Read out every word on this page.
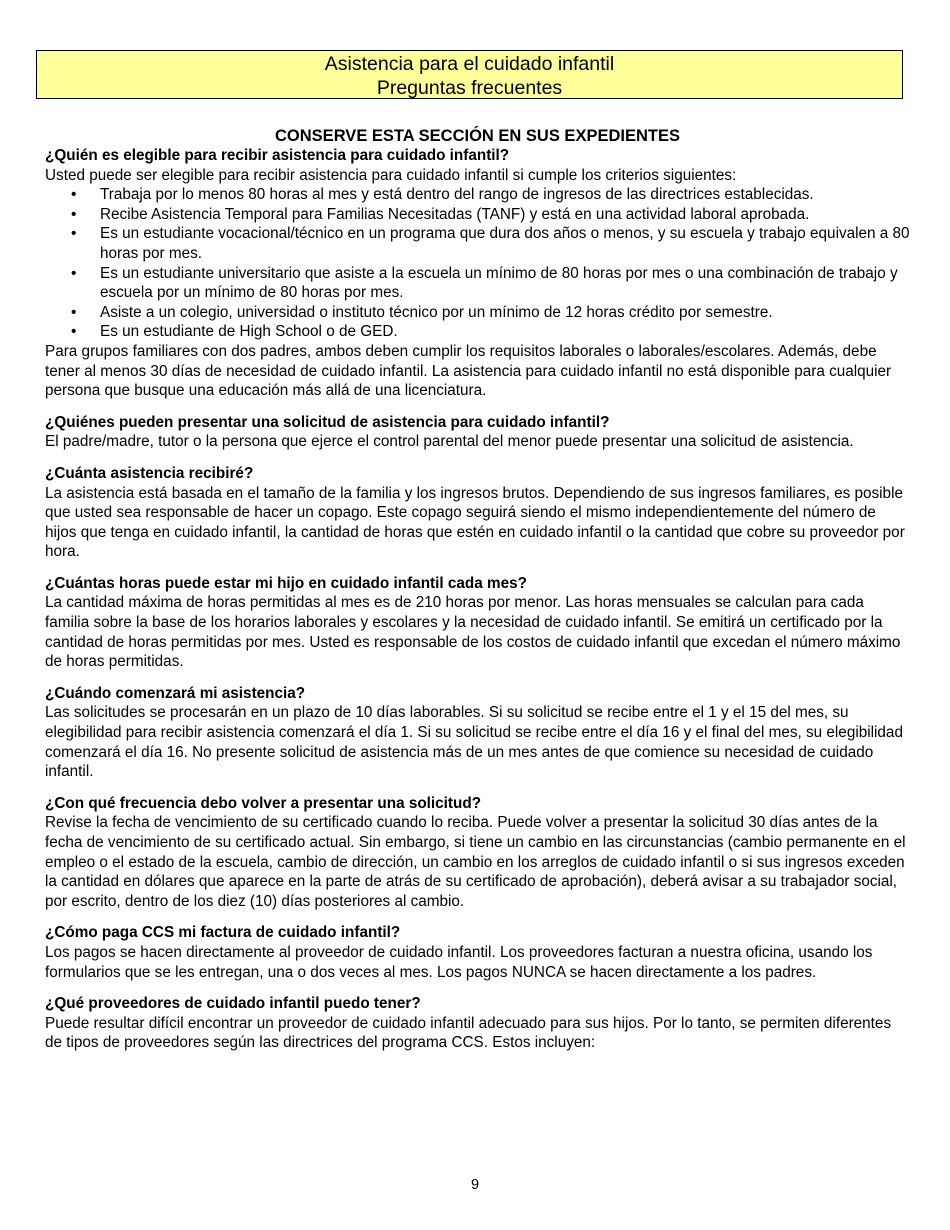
Asistencia para el cuidado infantil
Preguntas frecuentes
CONSERVE ESTA SECCIÓN EN SUS EXPEDIENTES

¿Quién es elegible para recibir asistencia para cuidado infantil?

Usted puede ser elegible para recibir asistencia para cuidado infantil si cumple los criterios siguientes:

• Trabaja por lo menos 80 horas al mes y está dentro del rango de ingresos de las directrices establecidas.
• Recibe Asistencia Temporal para Familias Necesitadas (TANF) y está en una actividad laboral aprobada.
• Es un estudiante vocacional/técnico en un programa que dura dos años o menos, y su escuela y trabajo equivalen a 80 horas por mes.
• Es un estudiante universitario que asiste a la escuela un mínimo de 80 horas por mes o una combinación de trabajo y escuela por un mínimo de 80 horas por mes.
• Asiste a un colegio, universidad o instituto técnico por un mínimo de 12 horas crédito por semestre.
• Es un estudiante de High School o de GED.

Para grupos familiares con dos padres, ambos deben cumplir los requisitos laborales o laborales/escolares. Además, debe tener al menos 30 días de necesidad de cuidado infantil. La asistencia para cuidado infantil no está disponible para cualquier persona que busque una educación más allá de una licenciatura.

¿Quiénes pueden presentar una solicitud de asistencia para cuidado infantil?

El padre/madre, tutor o la persona que ejerce el control parental del menor puede presentar una solicitud de asistencia.

¿Cuánta asistencia recibiré?

La asistencia está basada en el tamaño de la familia y los ingresos brutos. Dependiendo de sus ingresos familiares, es posible que usted sea responsable de hacer un copago. Este copago seguirá siendo el mismo independientemente del número de hijos que tenga en cuidado infantil, la cantidad de horas que estén en cuidado infantil o la cantidad que cobre su proveedor por hora.

¿Cuántas horas puede estar mi hijo en cuidado infantil cada mes?

La cantidad máxima de horas permitidas al mes es de 210 horas por menor. Las horas mensuales se calculan para cada familia sobre la base de los horarios laborales y escolares y la necesidad de cuidado infantil. Se emitirá un certificado por la cantidad de horas permitidas por mes. Usted es responsable de los costos de cuidado infantil que excedan el número máximo de horas permitidas.

¿Cuándo comenzará mi asistencia?

Las solicitudes se procesarán en un plazo de 10 días laborables. Si su solicitud se recibe entre el 1 y el 15 del mes, su elegibilidad para recibir asistencia comenzará el día 1. Si su solicitud se recibe entre el día 16 y el final del mes, su elegibilidad comenzará el día 16. No presente solicitud de asistencia más de un mes antes de que comience su necesidad de cuidado infantil.

¿Con qué frecuencia debo volver a presentar una solicitud?

Revise la fecha de vencimiento de su certificado cuando lo reciba. Puede volver a presentar la solicitud 30 días antes de la fecha de vencimiento de su certificado actual. Sin embargo, si tiene un cambio en las circunstancias (cambio permanente en el empleo o el estado de la escuela, cambio de dirección, un cambio en los arreglos de cuidado infantil o si sus ingresos exceden la cantidad en dólares que aparece en la parte de atrás de su certificado de aprobación), deberá avisar a su trabajador social, por escrito, dentro de los diez (10) días posteriores al cambio.

¿Cómo paga CCS mi factura de cuidado infantil?

Los pagos se hacen directamente al proveedor de cuidado infantil. Los proveedores facturan a nuestra oficina, usando los formularios que se les entregan, una o dos veces al mes. Los pagos NUNCA se hacen directamente a los padres.

¿Qué proveedores de cuidado infantil puedo tener?

Puede resultar difícil encontrar un proveedor de cuidado infantil adecuado para sus hijos. Por lo tanto, se permiten diferentes de tipos de proveedores según las directrices del programa CCS. Estos incluyen:

9
